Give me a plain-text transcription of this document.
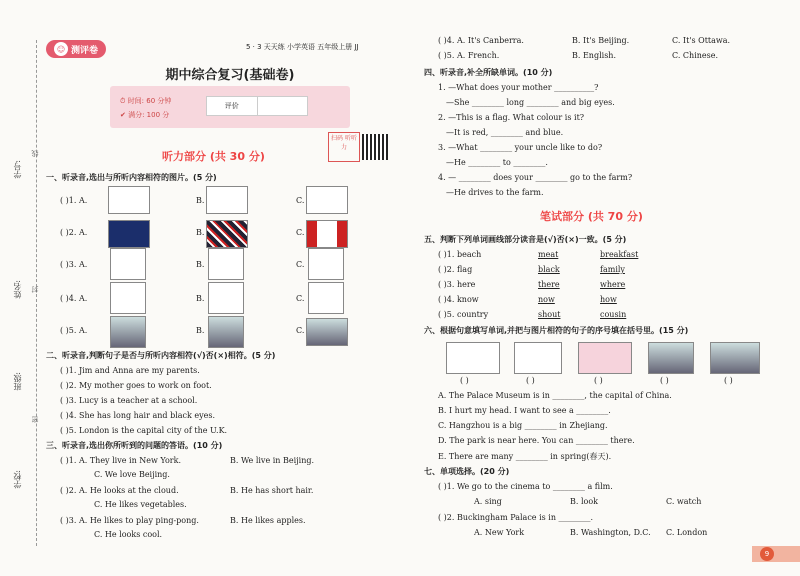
学号:
姓名:
班级:
学校:
线
封
密
☺ 测评卷	5 · 3 天天练 小学英语 五年级上册 JJ
期中综合复习(基础卷)
⏱ 时间: 60 分钟
✔ 满分: 100 分
评价
扫码 听听力
听力部分 (共 30 分)
一、听录音,选出与所听内容相符的图片。(5 分)
( )1. A.	B.	C.
( )2. A.	B.	C.
( )3. A.	B.	C.
( )4. A.	B.	C.
( )5. A.	B.	C.
二、听录音,判断句子是否与所听内容相符(√)否(×)相符。(5 分)
( )1. Jim and Anna are my parents.
( )2. My mother goes to work on foot.
( )3. Lucy is a teacher at a school.
( )4. She has long hair and black eyes.
( )5. London is the capital city of the U.K.
三、听录音,选出你所听到的问题的答语。(10 分)
( )1. A. They live in New York.	B. We live in Beijing.
C. We love Beijing.
( )2. A. He looks at the cloud.	B. He has short hair.
C. He likes vegetables.
( )3. A. He likes to play ping-pong.	B. He likes apples.
C. He looks cool.
( )4. A. It's Canberra.	B. It's Beijing.	C. It's Ottawa.
( )5. A. French.	B. English.	C. Chinese.
四、听录音,补全所缺单词。(10 分)
1. —What does your mother __________?
—She ________ long ________ and big eyes.
2. —This is a flag. What colour is it?
—It is red, ________ and blue.
3. —What ________ your uncle like to do?
—He ________ to ________.
4. — ________ does your ________ go to the farm?
—He drives to the farm.
笔试部分 (共 70 分)
五、判断下列单词画线部分读音是(√)否(×)一致。(5 分)
( )1. beach	meat	breakfast
( )2. flag	black	family
( )3. here	there	where
( )4. know	now	how
( )5. country	shout	cousin
六、根据句意填写单词,并把与图片相符的句子的序号填在括号里。(15 分)
( )	( )	( )	( )	( )
A. The Palace Museum is in ________, the capital of China.
B. I hurt my head. I want to see a ________.
C. Hangzhou is a big ________ in Zhejiang.
D. The park is near here. You can ________ there.
E. There are many ________ in spring(春天).
七、单项选择。(20 分)
( )1. We go to the cinema to ________ a film.
A. sing	B. look	C. watch
( )2. Buckingham Palace is in ________.
A. New York	B. Washington, D.C. C. London
9
